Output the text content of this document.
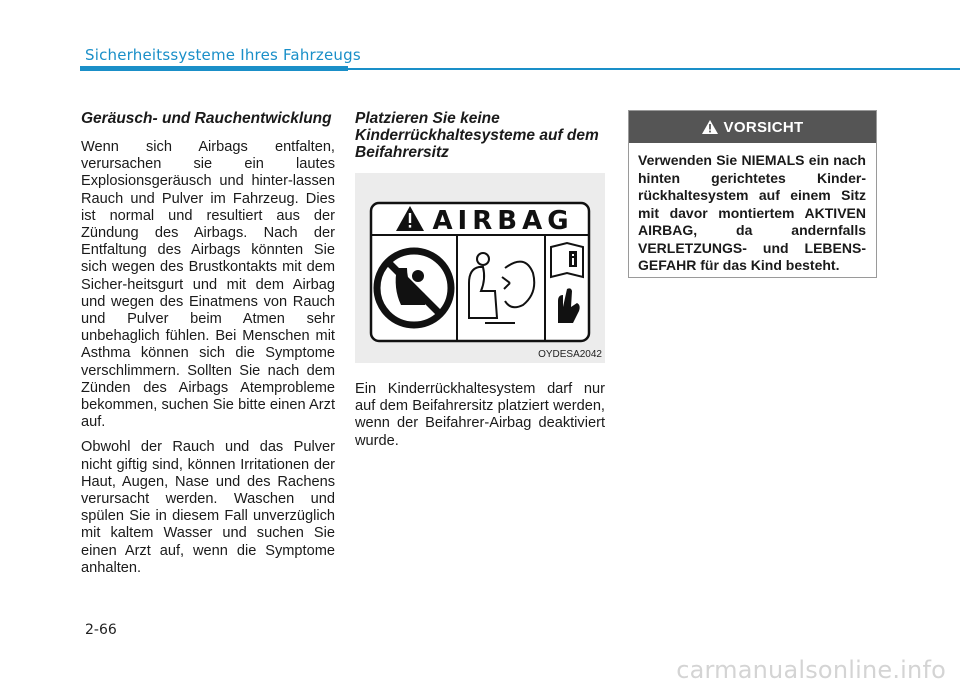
Sicherheitssysteme Ihres Fahrzeugs
Geräusch- und Rauchentwicklung

Wenn sich Airbags entfalten, verursachen sie ein lautes Explosionsgeräusch und hinter-lassen Rauch und Pulver im Fahrzeug. Dies ist normal und resultiert aus der Zündung des Airbags. Nach der Entfaltung des Airbags könnten Sie sich wegen des Brustkontakts mit dem Sicher-heitsgurt und mit dem Airbag und wegen des Einatmens von Rauch und Pulver beim Atmen sehr unbehaglich fühlen. Bei Menschen mit Asthma können sich die Symptome verschlimmern. Sollten Sie nach dem Zünden des Airbags Atemprobleme bekommen, suchen Sie bitte einen Arzt auf.

Obwohl der Rauch und das Pulver nicht giftig sind, können Irritationen der Haut, Augen, Nase und des Rachens verursacht werden. Waschen und spülen Sie in diesem Fall unverzüglich mit kaltem Wasser und suchen Sie einen Arzt auf, wenn die Symptome anhalten.

Platzieren Sie keine Kinderrückhaltesysteme auf dem Beifahrersitz
AIRBAG
OYDESA2042

Ein Kinderrückhaltesystem darf nur auf dem Beifahrersitz platziert werden, wenn der Beifahrer-Airbag deaktiviert wurde.

VORSICHT
Verwenden Sie NIEMALS ein nach hinten gerichtetes Kinder-rückhaltesystem auf einem Sitz mit davor montiertem AKTIVEN AIRBAG, da andernfalls VERLETZUNGS- und LEBENS-GEFAHR für das Kind besteht.
2-66
carmanualsonline.info
